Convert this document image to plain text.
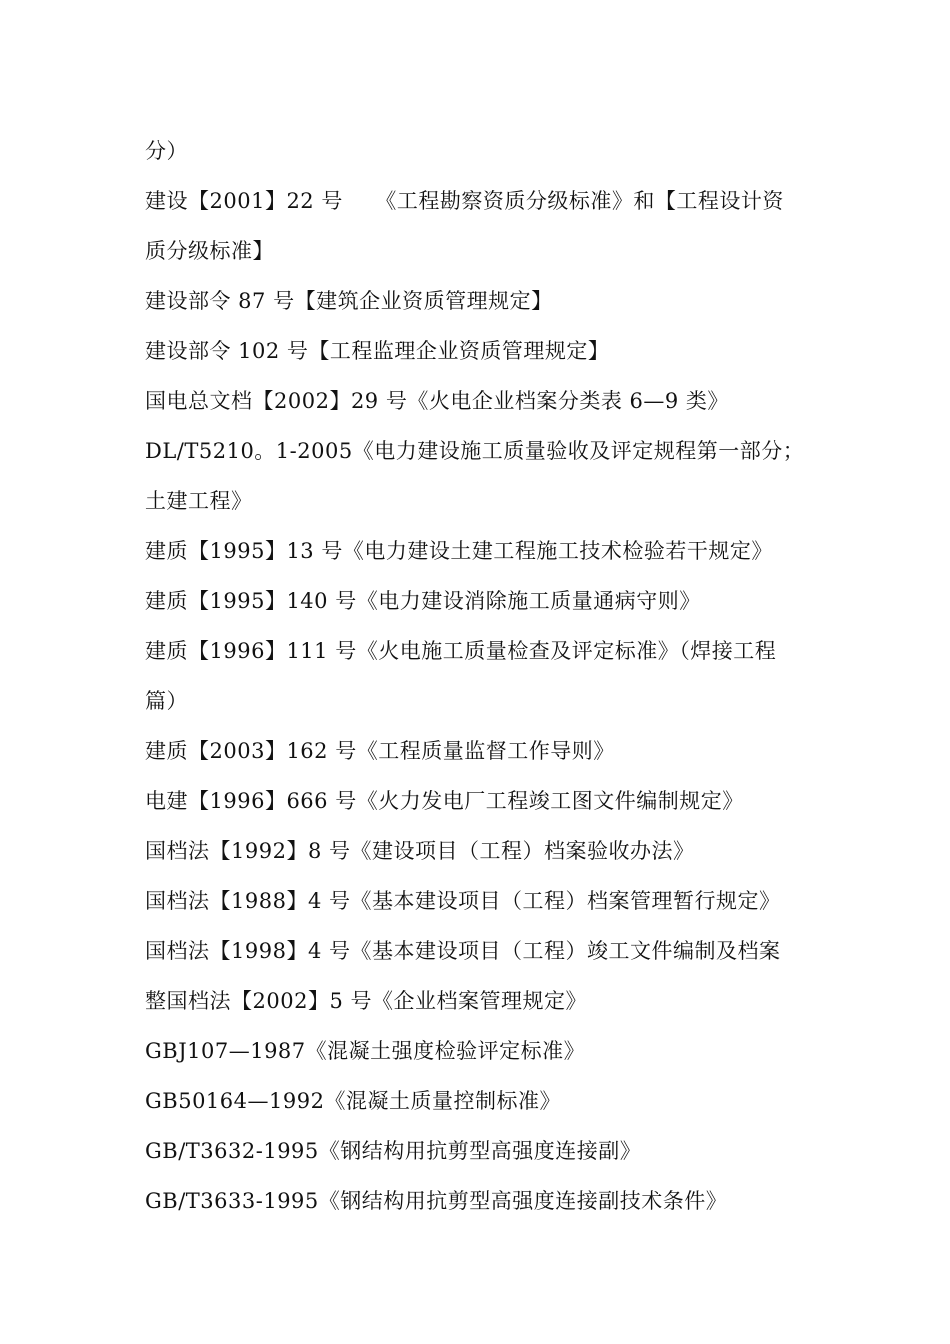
分）
建设【2001】22 号　　《工程勘察资质分级标准》和【工程设计资
质分级标准】
建设部令 87 号【建筑企业资质管理规定】
建设部令 102 号【工程监理企业资质管理规定】
国电总文档【2002】29 号《火电企业档案分类表 6—9 类》
DL/T5210。1-2005《电力建设施工质量验收及评定规程第一部分；
土建工程》
建质【1995】13 号《电力建设土建工程施工技术检验若干规定》
建质【1995】140 号《电力建设消除施工质量通病守则》
建质【1996】111 号《火电施工质量检查及评定标准》（焊接工程
篇）
建质【2003】162 号《工程质量监督工作导则》
电建【1996】666 号《火力发电厂工程竣工图文件编制规定》
国档法【1992】8 号《建设项目（工程）档案验收办法》
国档法【1988】4 号《基本建设项目（工程）档案管理暂行规定》
国档法【1998】4 号《基本建设项目（工程）竣工文件编制及档案
整国档法【2002】5 号《企业档案管理规定》
GBJ107—1987《混凝土强度检验评定标准》
GB50164—1992《混凝土质量控制标准》
GB/T3632-1995《钢结构用抗剪型高强度连接副》
GB/T3633-1995《钢结构用抗剪型高强度连接副技术条件》
